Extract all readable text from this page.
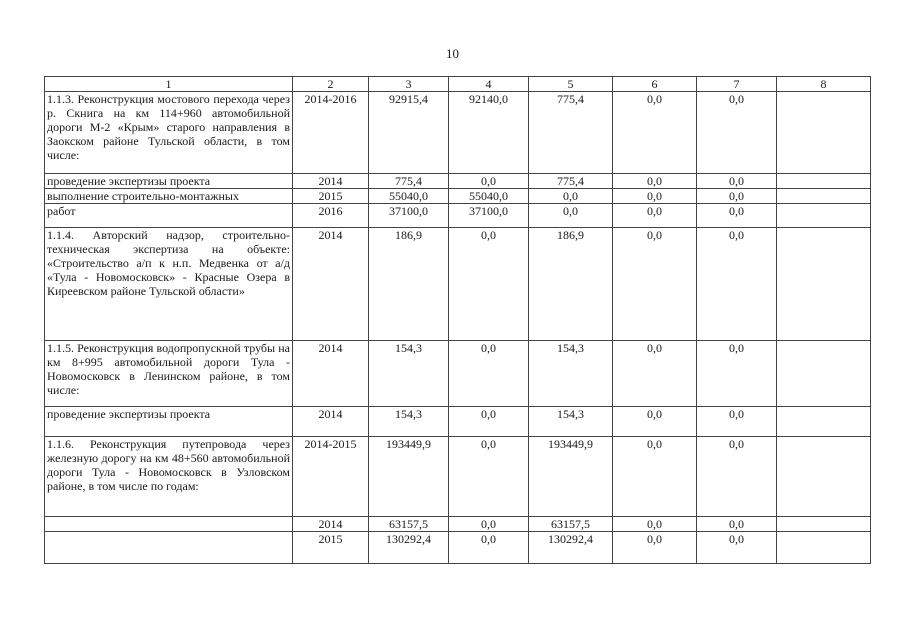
10
1	2	3	4	5	6	7	8
1.1.3. Реконструкция мостового перехода через р. Скнига на км 114+960 автомобильной дороги М-2 «Крым» старого направления в Заокском районе Тульской области, в том числе:	2014-2016	92915,4	92140,0	775,4	0,0	0,0	
проведение экспертизы проекта	2014	775,4	0,0	775,4	0,0	0,0	
выполнение строительно-монтажных	2015	55040,0	55040,0	0,0	0,0	0,0	
работ	2016	37100,0	37100,0	0,0	0,0	0,0	
1.1.4. Авторский надзор, строительно-техническая экспертиза на объекте: «Строительство а/п к н.п. Медвенка от а/д «Тула - Новомосковск» - Красные Озера в Киреевском районе Тульской области»	2014	186,9	0,0	186,9	0,0	0,0	
1.1.5. Реконструкция водопропускной трубы на км 8+995 автомобильной дороги Тула - Новомосковск в Ленинском районе, в том числе:	2014	154,3	0,0	154,3	0,0	0,0	
проведение экспертизы проекта	2014	154,3	0,0	154,3	0,0	0,0	
1.1.6. Реконструкция путепровода через железную дорогу на км 48+560 автомобильной дороги Тула - Новомосковск в Узловском районе, в том числе по годам:	2014-2015	193449,9	0,0	193449,9	0,0	0,0	
	2014	63157,5	0,0	63157,5	0,0	0,0	
	2015	130292,4	0,0	130292,4	0,0	0,0	
